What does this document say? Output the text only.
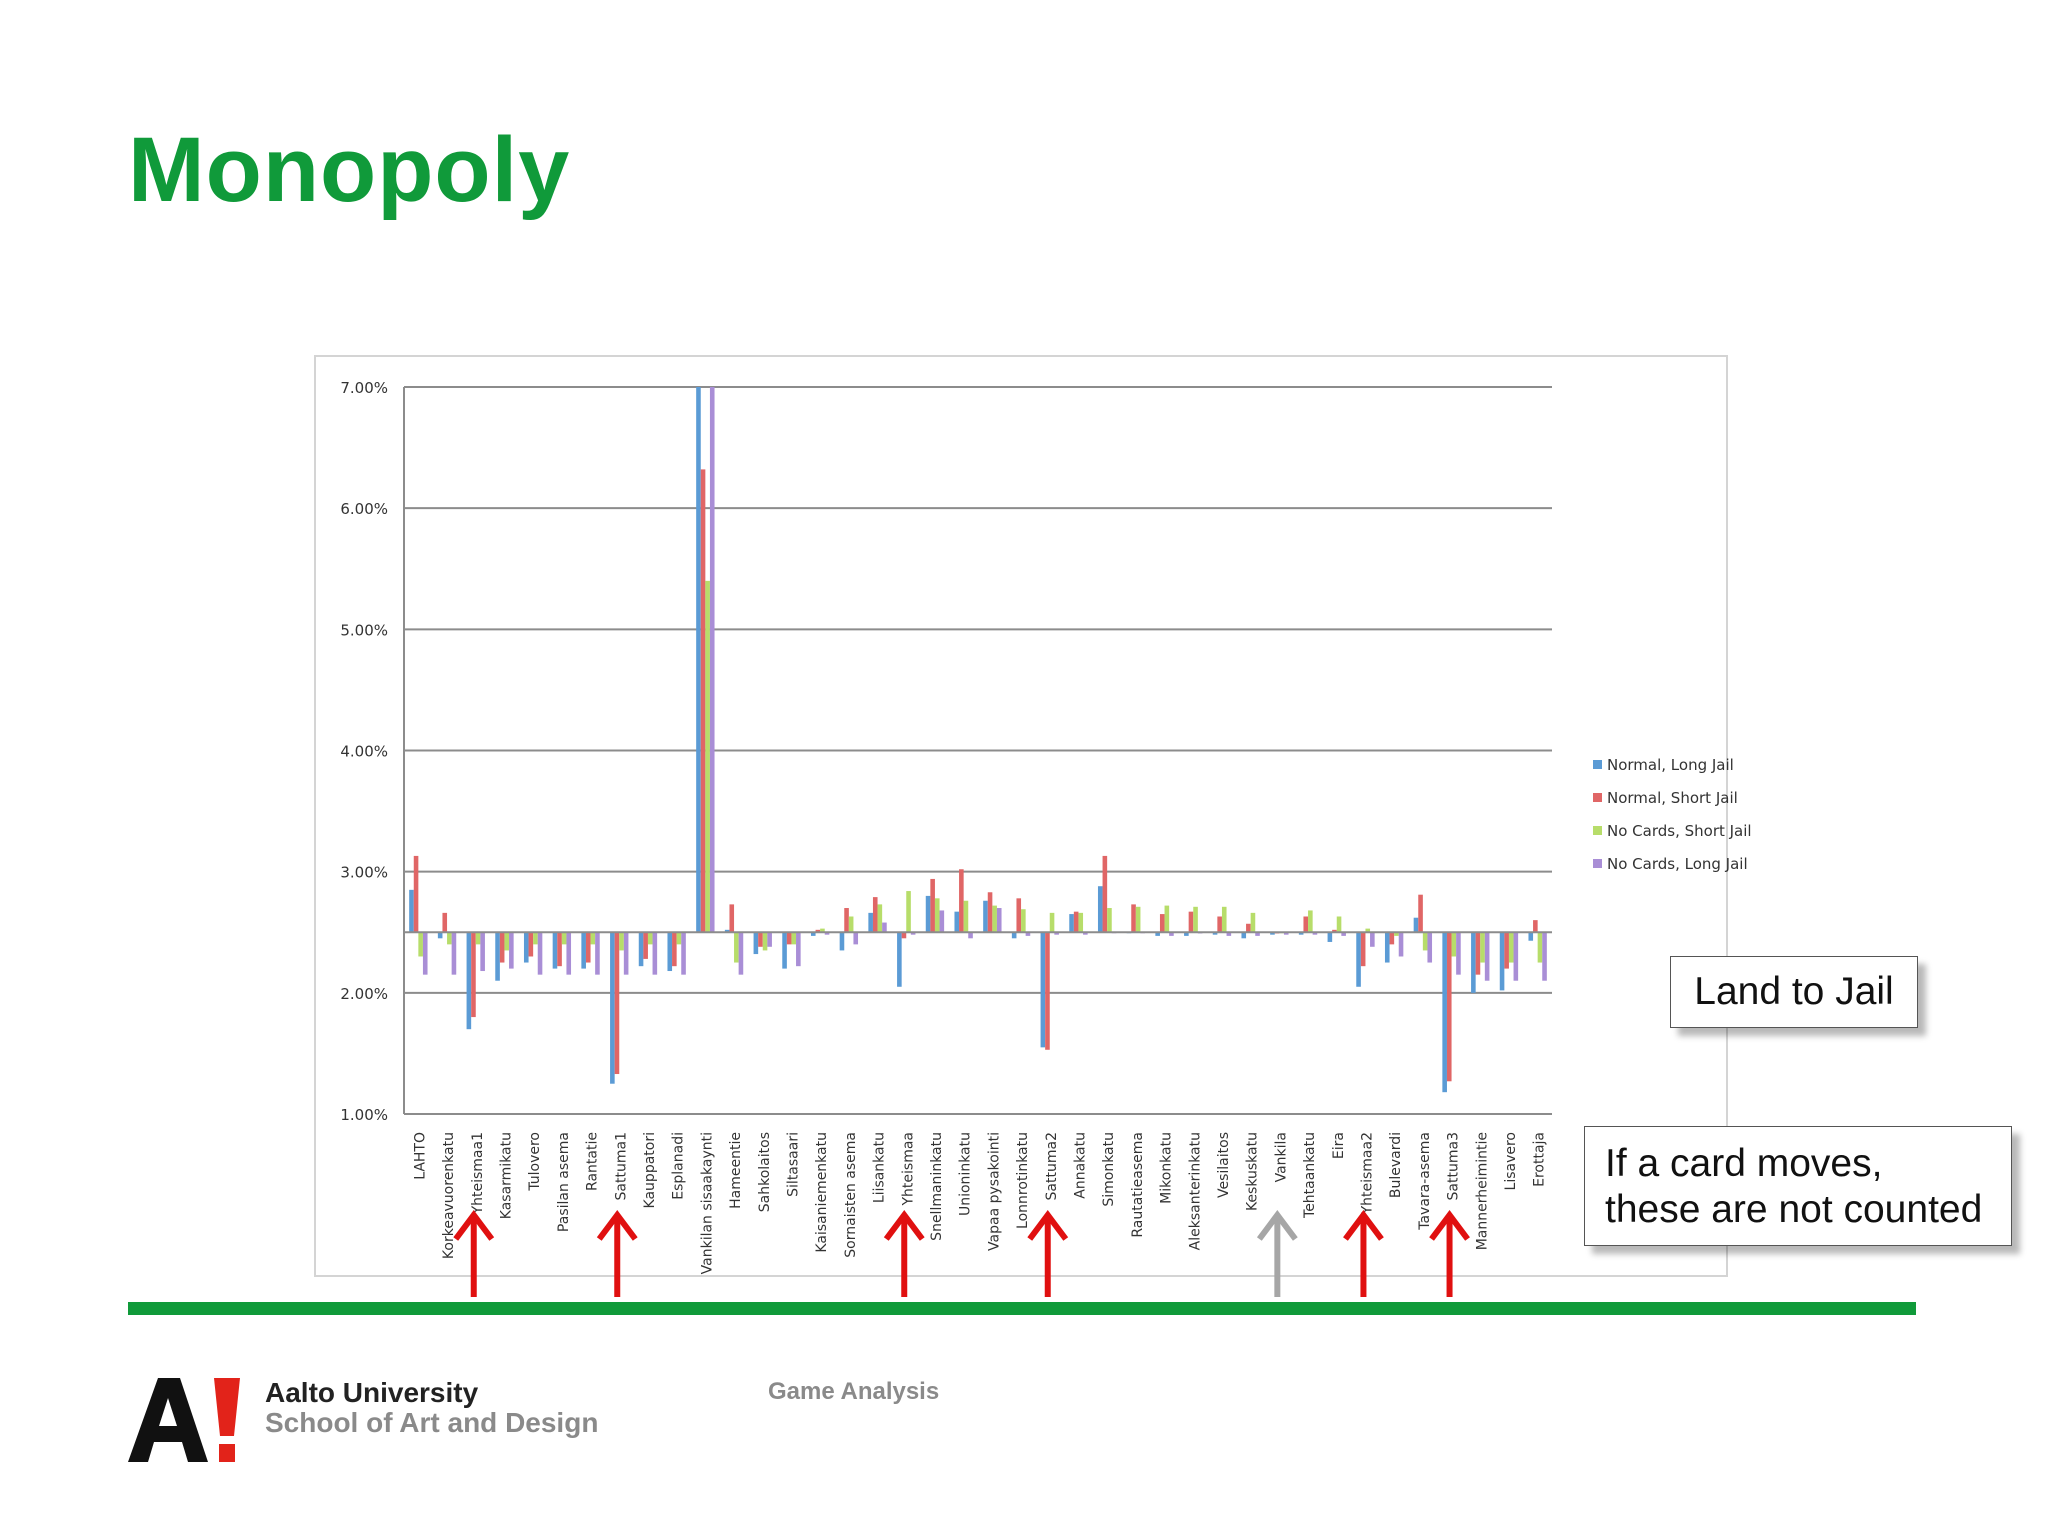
Monopoly
1.00%
2.00%
3.00%
4.00%
5.00%
6.00%
7.00%
LAHTO Korkeavuorenkatu Yhteismaa1 Kasarmikatu Tulovero Pasilan asema Rantatie Sattuma1 Kauppatori Esplanadi Vankilan sisaakaynti Hameentie Sahkolaitos Siltasaari Kaisaniemenkatu Sornaisten asema Liisankatu Yhteismaa Snellmaninkatu Unioninkatu Vapaa pysakointi Lonnrotinkatu Sattuma2 Annakatu Simonkatu Rautatieasema Mikonkatu Aleksanterinkatu Vesilaitos Keskuskatu Vankila Tehtaankatu Eira Yhteismaa2 Bulevardi Tavara-asema Sattuma3 Mannerheimintie Lisavero Erottaja
Normal, Long Jail
Normal, Short Jail
No Cards, Short Jail
No Cards, Long Jail
Land to Jail
If a card moves,
these are not counted
Aalto University
School of Art and Design
Game Analysis
